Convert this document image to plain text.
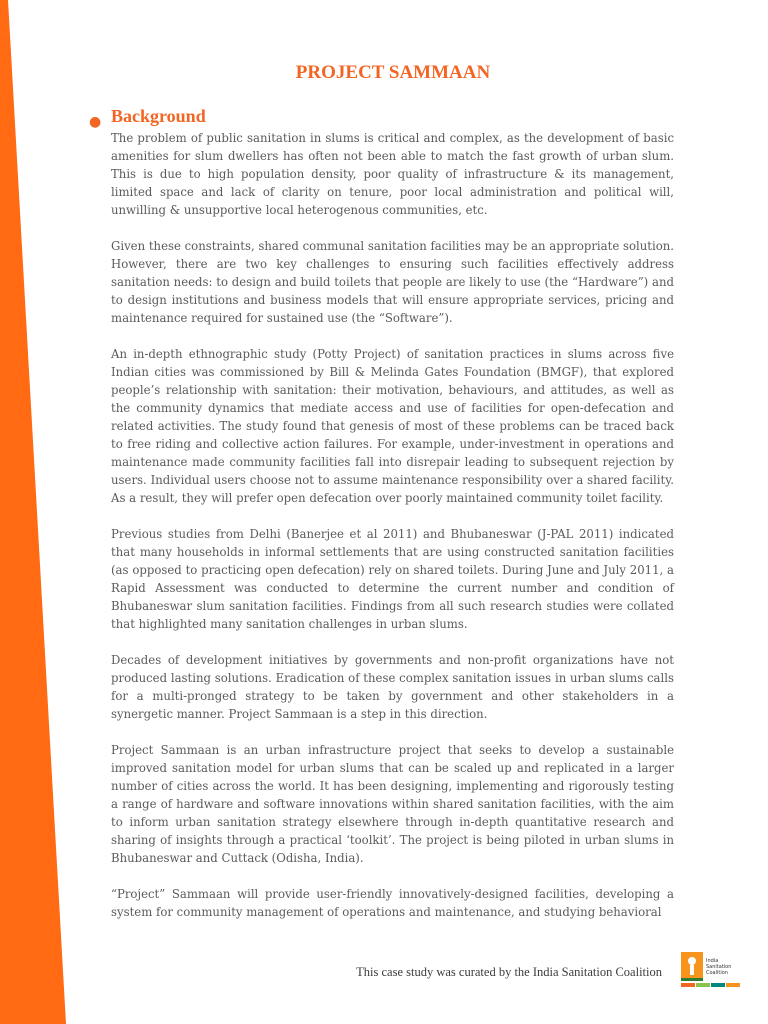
PROJECT SAMMAAN
● Background

The problem of public sanitation in slums is critical and complex, as the development of basic amenities for slum dwellers has often not been able to match the fast growth of urban slum. This is due to high population density, poor quality of infrastructure & its management, limited space and lack of clarity on tenure, poor local administration and political will, unwilling & unsupportive local heterogenous communities, etc.

Given these constraints, shared communal sanitation facilities may be an appropriate solution. However, there are two key challenges to ensuring such facilities effectively address sanitation needs: to design and build toilets that people are likely to use (the “Hardware”) and to design institutions and business models that will ensure appropriate services, pricing and maintenance required for sustained use (the “Software”).

An in-depth ethnographic study (Potty Project) of sanitation practices in slums across five Indian cities was commissioned by Bill & Melinda Gates Foundation (BMGF), that explored people’s relationship with sanitation: their motivation, behaviours, and attitudes, as well as the community dynamics that mediate access and use of facilities for open-defecation and related activities. The study found that genesis of most of these problems can be traced back to free riding and collective action failures. For example, under-investment in operations and maintenance made community facilities fall into disrepair leading to subsequent rejection by users. Individual users choose not to assume maintenance responsibility over a shared facility. As a result, they will prefer open defecation over poorly maintained community toilet facility.

Previous studies from Delhi (Banerjee et al 2011) and Bhubaneswar (J-PAL 2011) indicated that many households in informal settlements that are using constructed sanitation facilities (as opposed to practicing open defecation) rely on shared toilets. During June and July 2011, a Rapid Assessment was conducted to determine the current number and condition of Bhubaneswar slum sanitation facilities. Findings from all such research studies were collated that highlighted many sanitation challenges in urban slums.

Decades of development initiatives by governments and non-profit organizations have not produced lasting solutions. Eradication of these complex sanitation issues in urban slums calls for a multi-pronged strategy to be taken by government and other stakeholders in a synergetic manner. Project Sammaan is a step in this direction.

Project Sammaan is an urban infrastructure project that seeks to develop a sustainable improved sanitation model for urban slums that can be scaled up and replicated in a larger number of cities across the world. It has been designing, implementing and rigorously testing a range of hardware and software innovations within shared sanitation facilities, with the aim to inform urban sanitation strategy elsewhere through in-depth quantitative research and sharing of insights through a practical ‘toolkit’. The project is being piloted in urban slums in Bhubaneswar and Cuttack (Odisha, India).

“Project” Sammaan will provide user-friendly innovatively-designed facilities, developing a system for community management of operations and maintenance, and studying behavioral

This case study was curated by the India Sanitation Coalition
India
Sanitation
Coalition
